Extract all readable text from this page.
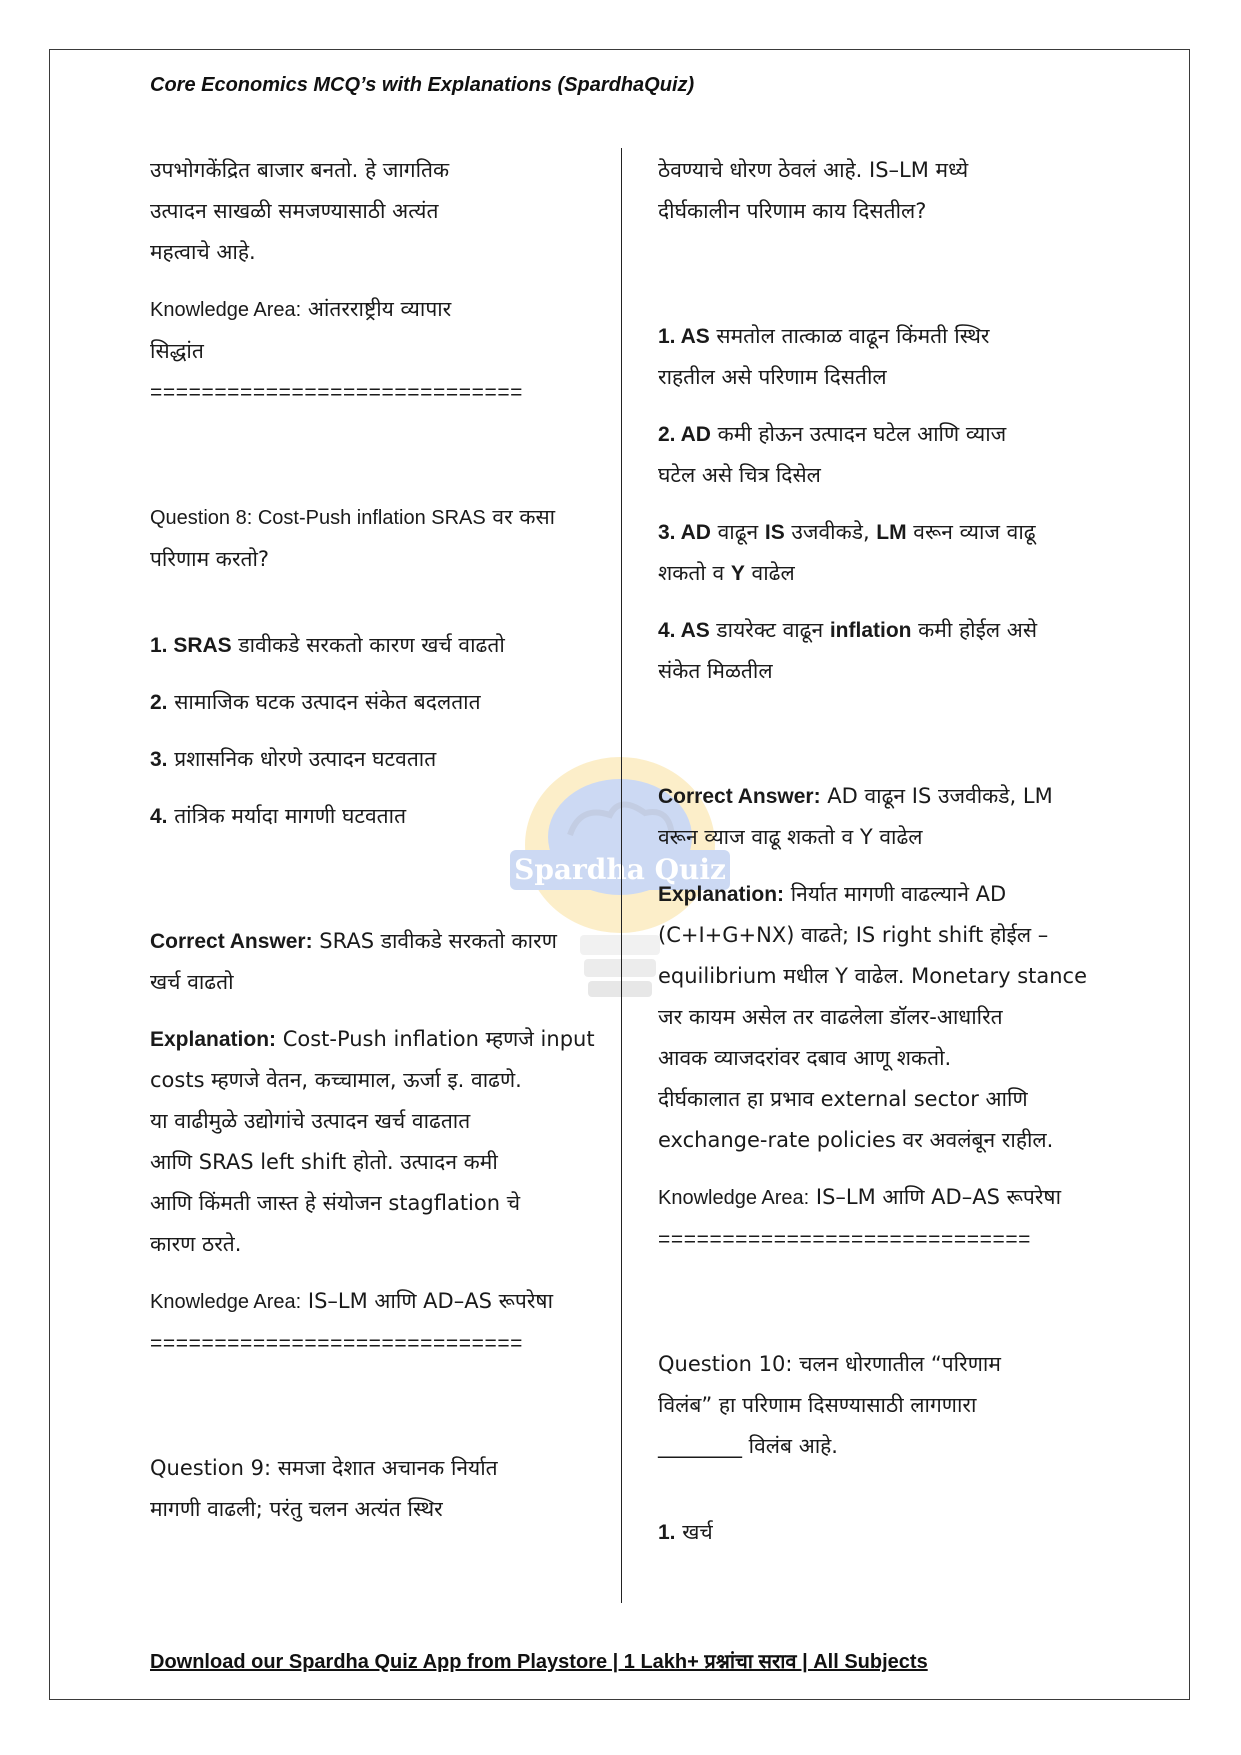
Core Economics MCQ’s with Explanations (SpardhaQuiz)
Spardha Quiz

उपभोगकेंद्रित बाजार बनतो. हे जागतिक

उत्पादन साखळी समजण्यासाठी अत्यंत

महत्वाचे आहे.

Knowledge Area: आंतरराष्ट्रीय व्यापार

सिद्धांत

=============================

Question 8: Cost-Push inflation SRAS वर कसा

परिणाम करतो?

1. SRAS डावीकडे सरकतो कारण खर्च वाढतो

2. सामाजिक घटक उत्पादन संकेत बदलतात

3. प्रशासनिक धोरणे उत्पादन घटवतात

4. तांत्रिक मर्यादा मागणी घटवतात

Correct Answer: SRAS डावीकडे सरकतो कारण

खर्च वाढतो

Explanation: Cost-Push inflation म्हणजे input

costs म्हणजे वेतन, कच्चामाल, ऊर्जा इ. वाढणे.

या वाढीमुळे उद्योगांचे उत्पादन खर्च वाढतात

आणि SRAS left shift होतो. उत्पादन कमी

आणि किंमती जास्त हे संयोजन stagflation चे

कारण ठरते.

Knowledge Area: IS–LM आणि AD–AS रूपरेषा

=============================

Question 9: समजा देशात अचानक निर्यात

मागणी वाढली; परंतु चलन अत्यंत स्थिर

ठेवण्याचे धोरण ठेवलं आहे. IS–LM मध्ये

दीर्घकालीन परिणाम काय दिसतील?

1. AS समतोल तात्काळ वाढून किंमती स्थिर

राहतील असे परिणाम दिसतील

2. AD कमी होऊन उत्पादन घटेल आणि व्याज

घटेल असे चित्र दिसेल

3. AD वाढून IS उजवीकडे, LM वरून व्याज वाढू

शकतो व Y वाढेल

4. AS डायरेक्ट वाढून inflation कमी होईल असे

संकेत मिळतील

Correct Answer: AD वाढून IS उजवीकडे, LM

वरून व्याज वाढू शकतो व Y वाढेल

Explanation: निर्यात मागणी वाढल्याने AD

(C+I+G+NX) वाढते; IS right shift होईल –

equilibrium मधील Y वाढेल. Monetary stance

जर कायम असेल तर वाढलेला डॉलर-आधारित

आवक व्याजदरांवर दबाव आणू शकतो.

दीर्घकालात हा प्रभाव external sector आणि

exchange-rate policies वर अवलंबून राहील.

Knowledge Area: IS–LM आणि AD–AS रूपरेषा

=============================

Question 10: चलन धोरणातील “परिणाम

विलंब” हा परिणाम दिसण्यासाठी लागणारा

________ विलंब आहे.

1. खर्च

Download our Spardha Quiz App from Playstore | 1 Lakh+ प्रश्नांचा सराव | All Subjects
